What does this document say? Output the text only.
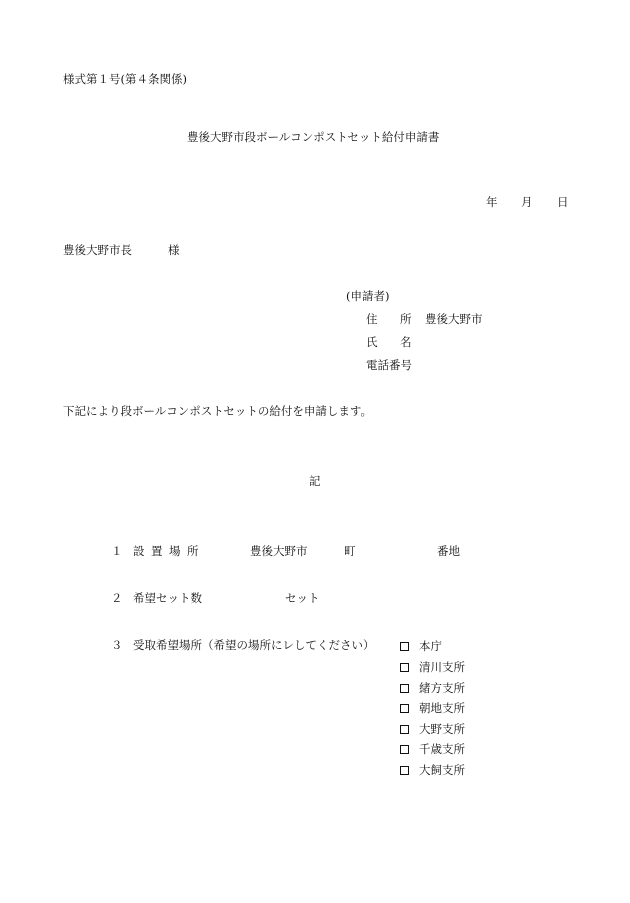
様式第１号(第４条関係)
豊後大野市段ボールコンポストセット給付申請書
年 月 日
豊後大野市長	様
(申請者)
住 所 豊後大野市
氏 名
電話番号
下記により段ボールコンポストセットの給付を申請します。
記
１ 設 置 場 所	豊後大野市	町	番地
２ 希望セット数	セット
３ 受取希望場所（希望の場所にレしてください）	本庁
清川支所
緒方支所
朝地支所
大野支所
千歳支所
大飼支所
